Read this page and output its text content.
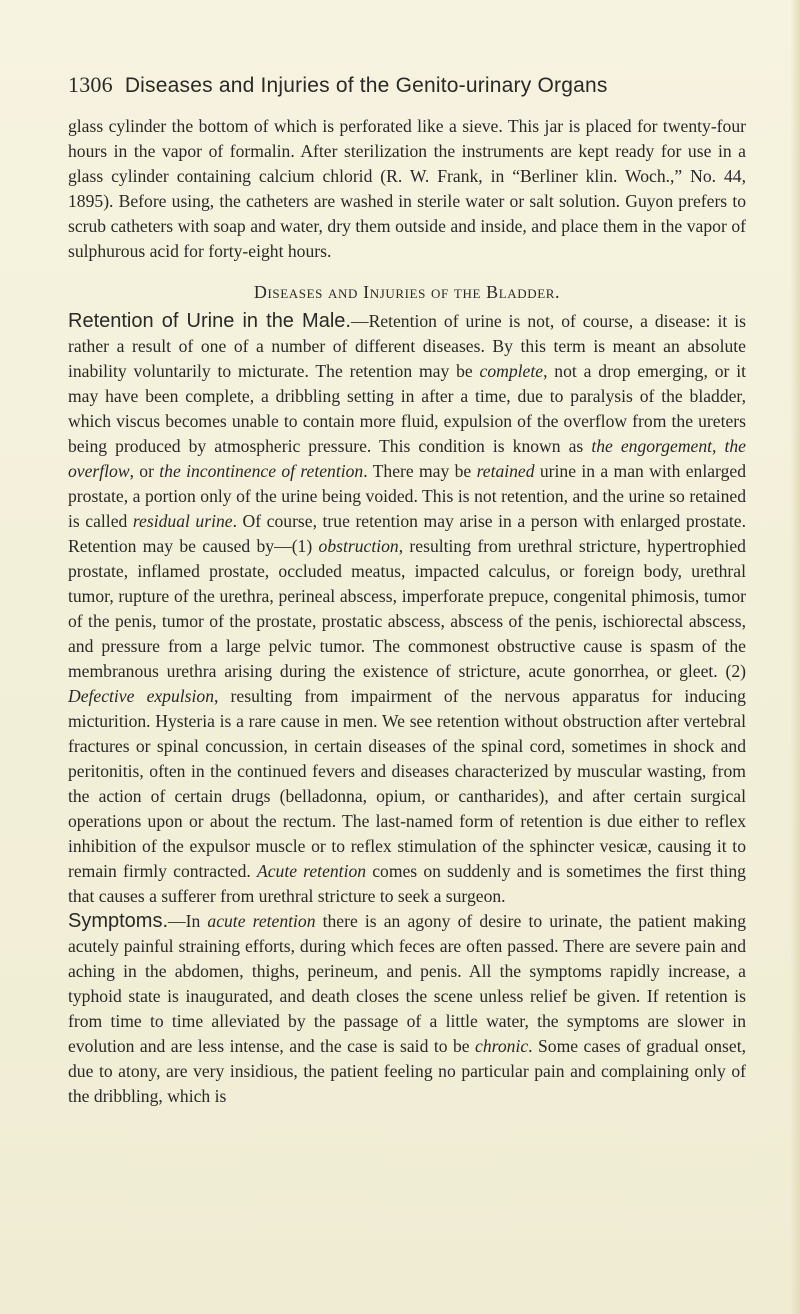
1306 Diseases and Injuries of the Genito-urinary Organs

glass cylinder the bottom of which is perforated like a sieve. This jar is placed for twenty-four hours in the vapor of formalin. After sterilization the instruments are kept ready for use in a glass cylinder containing calcium chlorid (R. W. Frank, in “Berliner klin. Woch.,” No. 44, 1895). Before using, the catheters are washed in sterile water or salt solution. Guyon prefers to scrub catheters with soap and water, dry them outside and inside, and place them in the vapor of sulphurous acid for forty-eight hours.

Diseases and Injuries of the Bladder.

Retention of Urine in the Male.—Retention of urine is not, of course, a disease: it is rather a result of one of a number of different diseases. By this term is meant an absolute inability voluntarily to micturate. The retention may be complete, not a drop emerging, or it may have been complete, a dribbling setting in after a time, due to paralysis of the bladder, which viscus becomes unable to contain more fluid, expulsion of the overflow from the ureters being produced by atmospheric pressure. This condition is known as the engorgement, the overflow, or the incontinence of retention. There may be retained urine in a man with enlarged prostate, a portion only of the urine being voided. This is not retention, and the urine so retained is called residual urine. Of course, true retention may arise in a person with enlarged prostate. Retention may be caused by—(1) obstruction, resulting from urethral stricture, hypertrophied prostate, inflamed prostate, occluded meatus, impacted calculus, or foreign body, urethral tumor, rupture of the urethra, perineal abscess, imperforate prepuce, congenital phimosis, tumor of the penis, tumor of the prostate, prostatic abscess, abscess of the penis, ischiorectal abscess, and pressure from a large pelvic tumor. The commonest obstructive cause is spasm of the membranous urethra arising during the existence of stricture, acute gonorrhea, or gleet. (2) Defective expulsion, resulting from impairment of the nervous apparatus for inducing micturition. Hysteria is a rare cause in men. We see retention without obstruction after vertebral fractures or spinal concussion, in certain diseases of the spinal cord, sometimes in shock and peritonitis, often in the continued fevers and diseases characterized by muscular wasting, from the action of certain drugs (belladonna, opium, or cantharides), and after certain surgical operations upon or about the rectum. The last-named form of retention is due either to reflex inhibition of the expulsor muscle or to reflex stimulation of the sphincter vesicæ, causing it to remain firmly contracted. Acute retention comes on suddenly and is sometimes the first thing that causes a sufferer from urethral stricture to seek a surgeon.

Symptoms.—In acute retention there is an agony of desire to urinate, the patient making acutely painful straining efforts, during which feces are often passed. There are severe pain and aching in the abdomen, thighs, perineum, and penis. All the symptoms rapidly increase, a typhoid state is inaugurated, and death closes the scene unless relief be given. If retention is from time to time alleviated by the passage of a little water, the symptoms are slower in evolution and are less intense, and the case is said to be chronic. Some cases of gradual onset, due to atony, are very insidious, the patient feeling no particular pain and complaining only of the dribbling, which is
